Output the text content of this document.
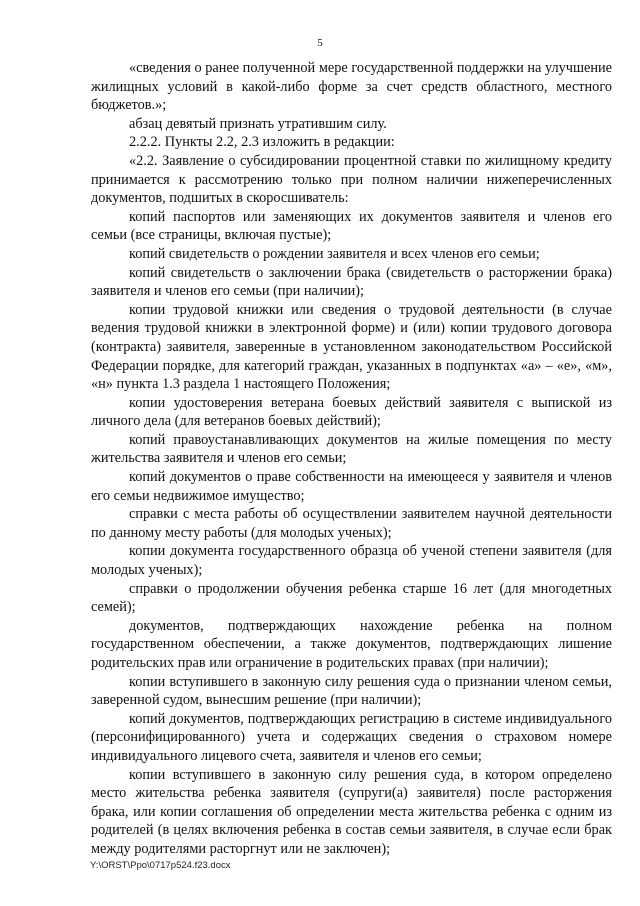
5

«сведения о ранее полученной мере государственной поддержки на улучшение жилищных условий в какой-либо форме за счет средств областного, местного бюджетов.»;

абзац девятый признать утратившим силу.

2.2.2. Пункты 2.2, 2.3 изложить в редакции:

«2.2. Заявление о субсидировании процентной ставки по жилищному кредиту принимается к рассмотрению только при полном наличии нижеперечисленных документов, подшитых в скоросшиватель:

копий паспортов или заменяющих их документов заявителя и членов его семьи (все страницы, включая пустые);

копий свидетельств о рождении заявителя и всех членов его семьи;

копий свидетельств о заключении брака (свидетельств о расторжении брака) заявителя и членов его семьи (при наличии);

копии трудовой книжки или сведения о трудовой деятельности (в случае ведения трудовой книжки в электронной форме) и (или) копии трудового договора (контракта) заявителя, заверенные в установленном законодательством Российской Федерации порядке, для категорий граждан, указанных в подпунктах «а» – «е», «м», «н» пункта 1.3 раздела 1 настоящего Положения;

копии удостоверения ветерана боевых действий заявителя с выпиской из личного дела (для ветеранов боевых действий);

копий правоустанавливающих документов на жилые помещения по месту жительства заявителя и членов его семьи;

копий документов о праве собственности на имеющееся у заявителя и членов его семьи недвижимое имущество;

справки с места работы об осуществлении заявителем научной деятельности по данному месту работы (для молодых ученых);

копии документа государственного образца об ученой степени заявителя (для молодых ученых);

справки о продолжении обучения ребенка старше 16 лет (для многодетных семей);

документов, подтверждающих нахождение ребенка на полном государственном обеспечении, а также документов, подтверждающих лишение родительских прав или ограничение в родительских правах (при наличии);

копии вступившего в законную силу решения суда о признании членом семьи, заверенной судом, вынесшим решение (при наличии);

копий документов, подтверждающих регистрацию в системе индивидуального (персонифицированного) учета и содержащих сведения о страховом номере индивидуального лицевого счета, заявителя и членов его семьи;

копии вступившего в законную силу решения суда, в котором определено место жительства ребенка заявителя (супруги(а) заявителя) после расторжения брака, или копии соглашения об определении места жительства ребенка с одним из родителей (в целях включения ребенка в состав семьи заявителя, в случае если брак между родителями расторгнут или не заключен);

Y:\ORST\Ppo\0717p524.f23.docx
